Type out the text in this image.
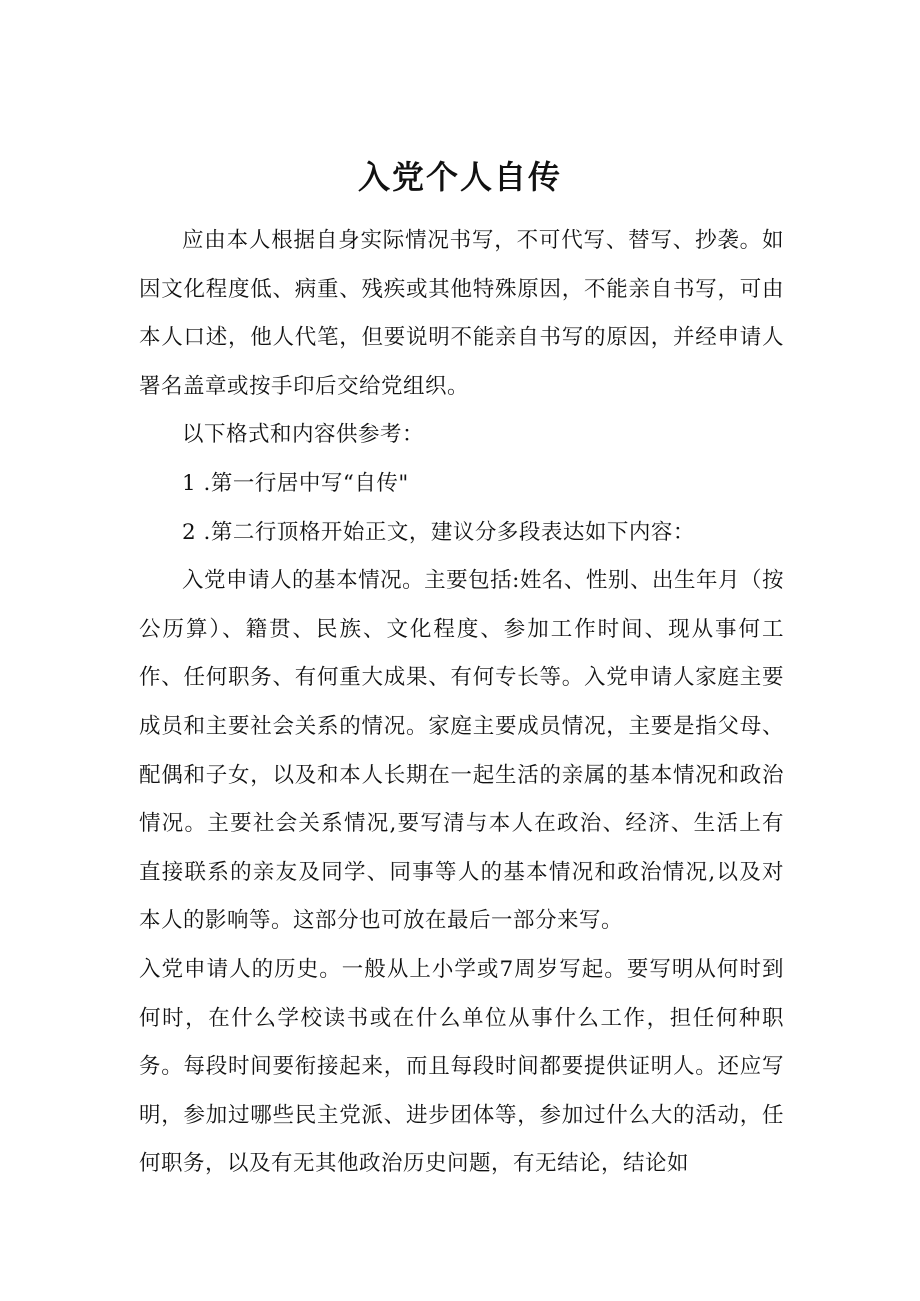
入党个人自传

应由本人根据自身实际情况书写，不可代写、替写、抄袭。如因文化程度低、病重、残疾或其他特殊原因，不能亲自书写，可由本人口述，他人代笔，但要说明不能亲自书写的原因，并经申请人署名盖章或按手印后交给党组织。

以下格式和内容供参考：

1 .第一行居中写“自传"

2 .第二行顶格开始正文，建议分多段表达如下内容：

入党申请人的基本情况。主要包括:姓名、性别、出生年月（按公历算）、籍贯、民族、文化程度、参加工作时间、现从事何工作、任何职务、有何重大成果、有何专长等。入党申请人家庭主要成员和主要社会关系的情况。家庭主要成员情况，主要是指父母、配偶和子女，以及和本人长期在一起生活的亲属的基本情况和政治情况。主要社会关系情况,要写清与本人在政治、经济、生活上有直接联系的亲友及同学、同事等人的基本情况和政治情况,以及对本人的影响等。这部分也可放在最后一部分来写。

入党申请人的历史。一般从上小学或7周岁写起。要写明从何时到何时，在什么学校读书或在什么单位从事什么工作，担任何种职务。每段时间要衔接起来，而且每段时间都要提供证明人。还应写明，参加过哪些民主党派、进步团体等，参加过什么大的活动，任何职务，以及有无其他政治历史问题，有无结论，结论如
